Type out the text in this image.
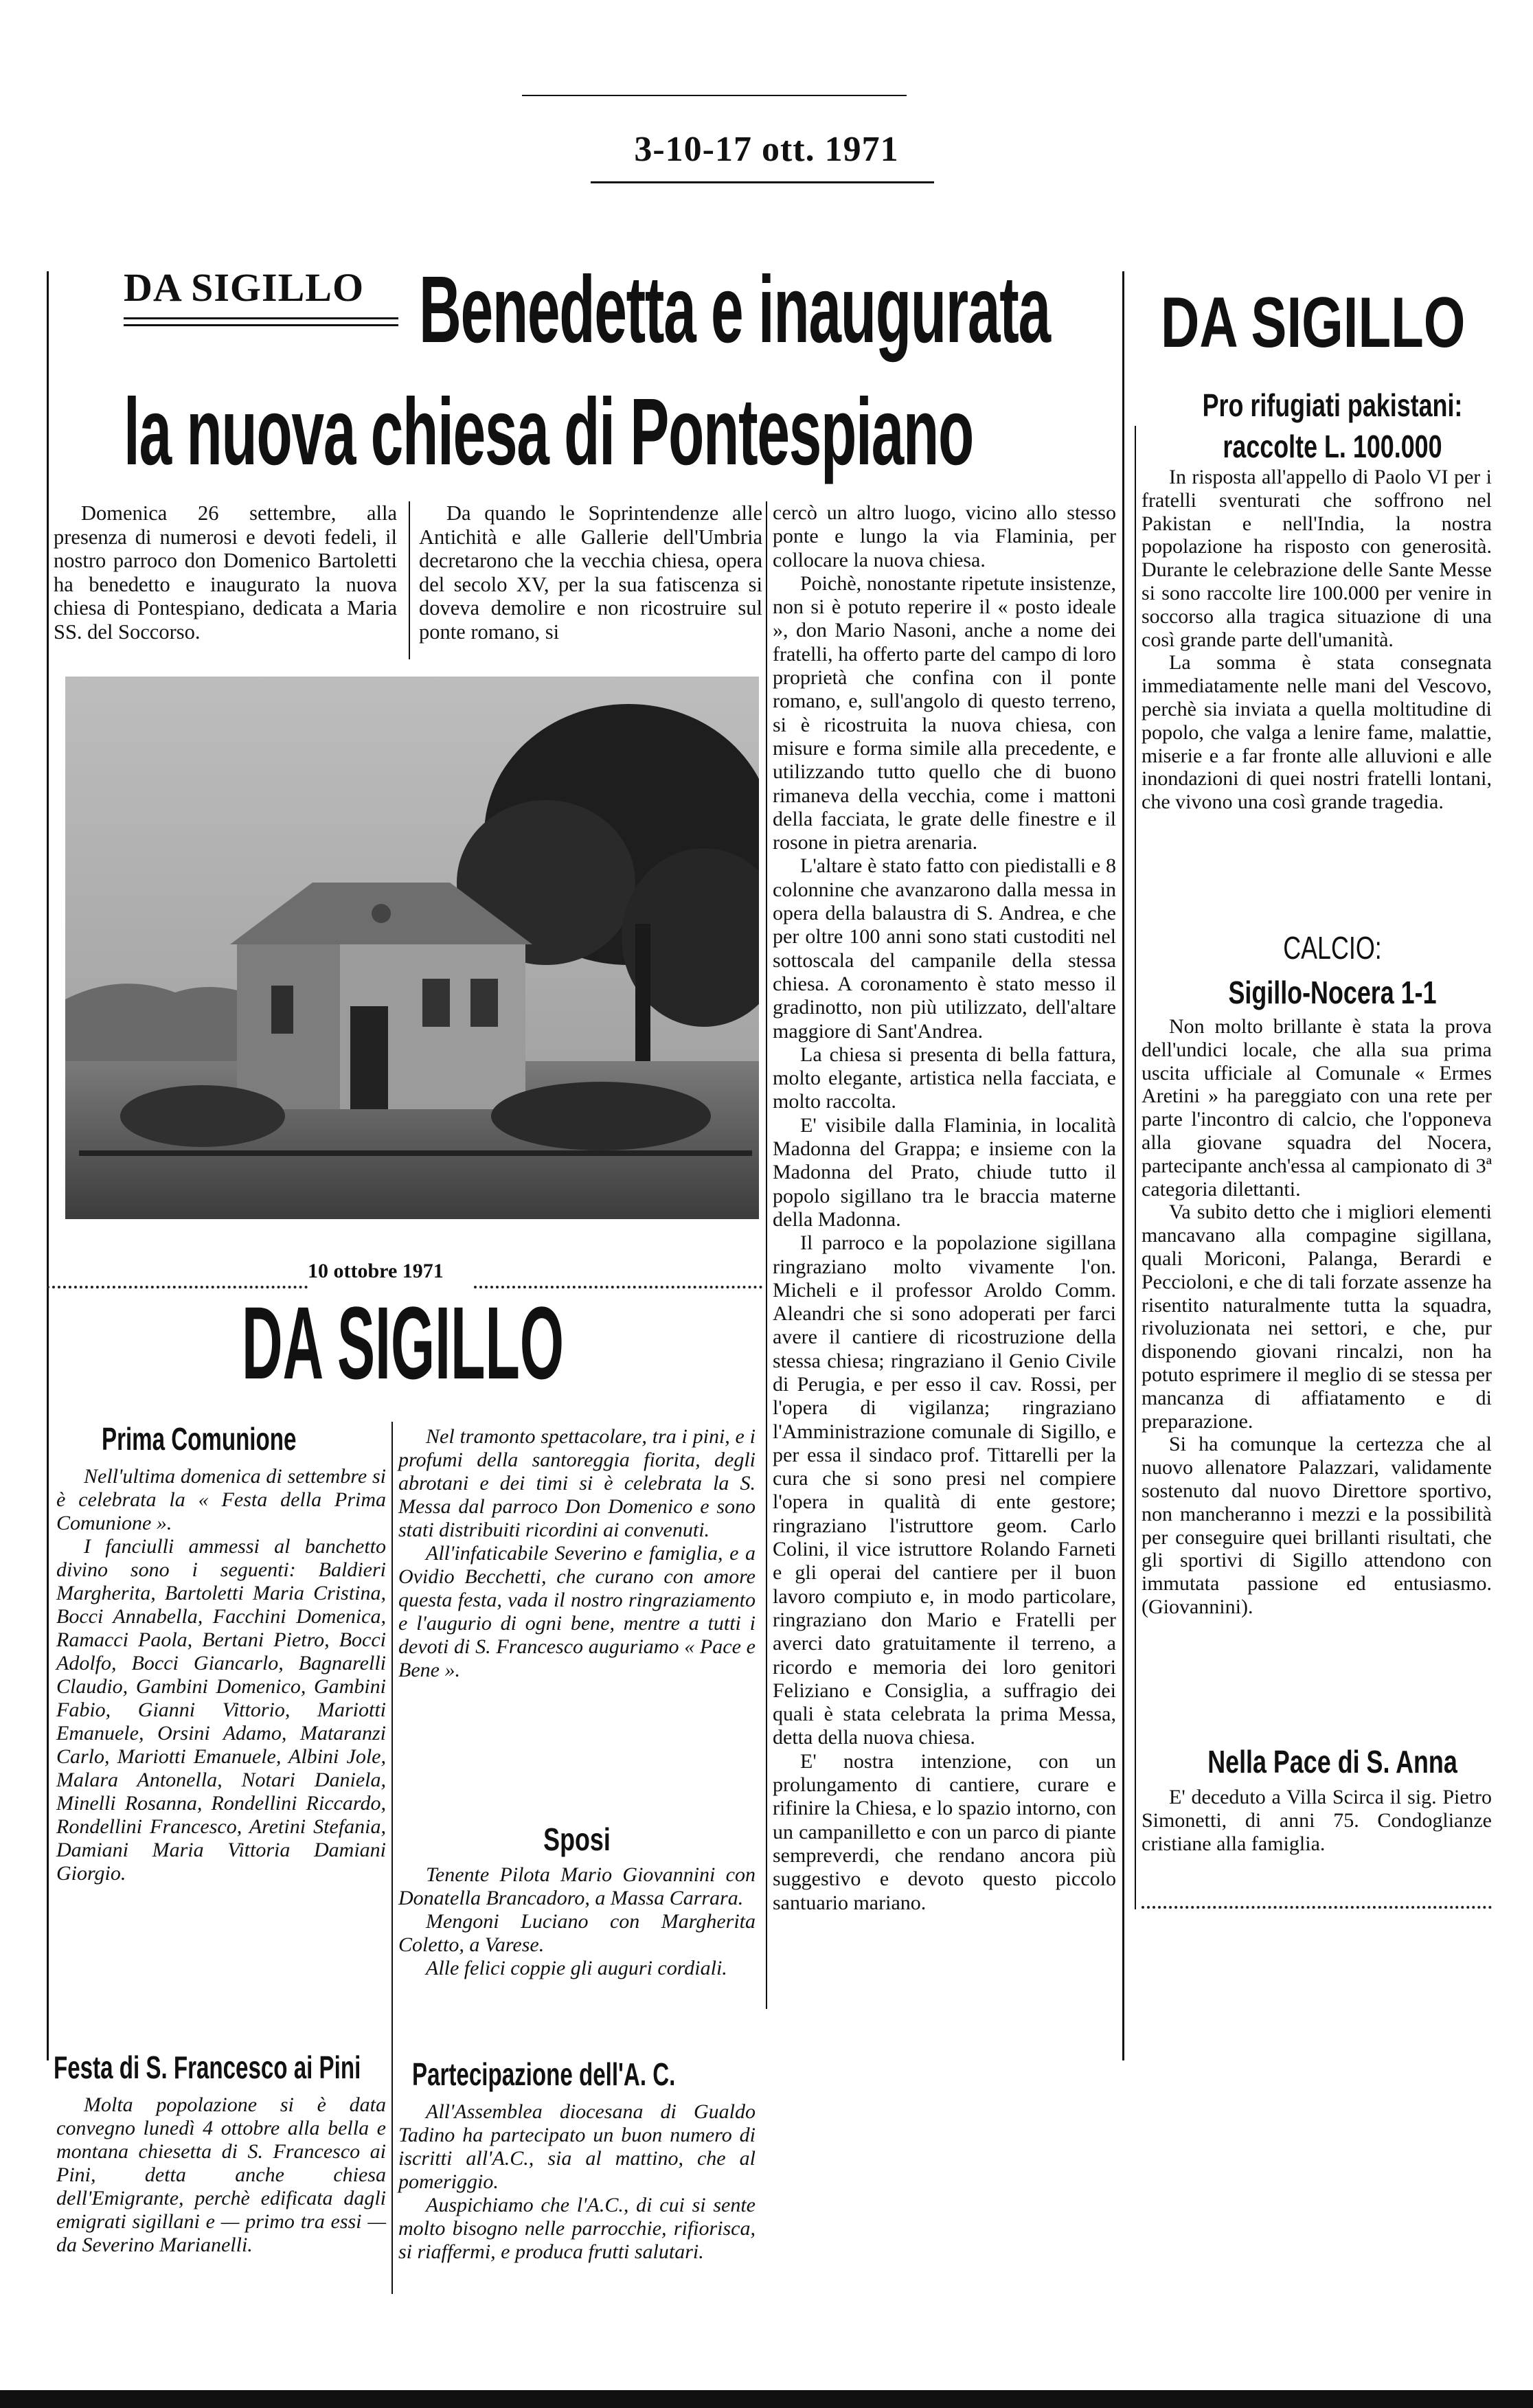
3-10-17 ott. 1971
DA SIGILLO Benedetta e inaugurata
la nuova chiesa di Pontespiano

Domenica 26 settembre, alla presenza di numerosi e devoti fedeli, il nostro parroco don Domenico Bartoletti ha benedetto e inaugurato la nuova chiesa di Pontespiano, dedicata a Maria SS. del Soccorso.

Da quando le Soprintendenze alle Antichità e alle Gallerie dell'Umbria decretarono che la vecchia chiesa, opera del secolo XV, per la sua fatiscenza si doveva demolire e non ricostruire sul ponte romano, si

cercò un altro luogo, vicino allo stesso ponte e lungo la via Flaminia, per collocare la nuova chiesa.

Poichè, nonostante ripetute insistenze, non si è potuto reperire il « posto ideale », don Mario Nasoni, anche a nome dei fratelli, ha offerto parte del campo di loro proprietà che confina con il ponte romano, e, sull'angolo di questo terreno, si è ricostruita la nuova chiesa, con misure e forma simile alla precedente, e utilizzando tutto quello che di buono rimaneva della vecchia, come i mattoni della facciata, le grate delle finestre e il rosone in pietra arenaria.

L'altare è stato fatto con piedistalli e 8 colonnine che avanzarono dalla messa in opera della balaustra di S. Andrea, e che per oltre 100 anni sono stati custoditi nel sottoscala del campanile della stessa chiesa. A coronamento è stato messo il gradinotto, non più utilizzato, dell'altare maggiore di Sant'Andrea.

La chiesa si presenta di bella fattura, molto elegante, artistica nella facciata, e molto raccolta.

E' visibile dalla Flaminia, in località Madonna del Grappa; e insieme con la Madonna del Prato, chiude tutto il popolo sigillano tra le braccia materne della Madonna.

Il parroco e la popolazione sigillana ringraziano molto vivamente l'on. Micheli e il professor Aroldo Comm. Aleandri che si sono adoperati per farci avere il cantiere di ricostruzione della stessa chiesa; ringraziano il Genio Civile di Perugia, e per esso il cav. Rossi, per l'opera di vigilanza; ringraziano l'Amministrazione comunale di Sigillo, e per essa il sindaco prof. Tittarelli per la cura che si sono presi nel compiere l'opera in qualità di ente gestore; ringraziano l'istruttore geom. Carlo Colini, il vice istruttore Rolando Farneti e gli operai del cantiere per il buon lavoro compiuto e, in modo particolare, ringraziano don Mario e Fratelli per averci dato gratuitamente il terreno, a ricordo e memoria dei loro genitori Feliziano e Consiglia, a suffragio dei quali è stata celebrata la prima Messa, detta della nuova chiesa.

E' nostra intenzione, con un prolungamento di cantiere, curare e rifinire la Chiesa, e lo spazio intorno, con un campanilletto e con un parco di piante sempreverdi, che rendano ancora più suggestivo e devoto questo piccolo santuario mariano.

10 ottobre 1971
DA SIGILLO
Prima Comunione

Nell'ultima domenica di settembre si è celebrata la « Festa della Prima Comunione ».

I fanciulli ammessi al banchetto divino sono i seguenti: Baldieri Margherita, Bartoletti Maria Cristina, Bocci Annabella, Facchini Domenica, Ramacci Paola, Bertani Pietro, Bocci Adolfo, Bocci Giancarlo, Bagnarelli Claudio, Gambini Domenico, Gambini Fabio, Gianni Vittorio, Mariotti Emanuele, Orsini Adamo, Mataranzi Carlo, Mariotti Emanuele, Albini Jole, Malara Antonella, Notari Daniela, Minelli Rosanna, Rondellini Riccardo, Rondellini Francesco, Aretini Stefania, Damiani Maria Vittoria Damiani Giorgio.

Festa di S. Francesco ai Pini

Molta popolazione si è data convegno lunedì 4 ottobre alla bella e montana chiesetta di S. Francesco ai Pini, detta anche chiesa dell'Emigrante, perchè edificata dagli emigrati sigillani e — primo tra essi — da Severino Marianelli.

Nel tramonto spettacolare, tra i pini, e i profumi della santoreggia fiorita, degli abrotani e dei timi si è celebrata la S. Messa dal parroco Don Domenico e sono stati distribuiti ricordini ai convenuti.

All'infaticabile Severino e famiglia, e a Ovidio Becchetti, che curano con amore questa festa, vada il nostro ringraziamento e l'augurio di ogni bene, mentre a tutti i devoti di S. Francesco auguriamo « Pace e Bene ».

Sposi

Tenente Pilota Mario Giovannini con Donatella Brancadoro, a Massa Carrara.

Mengoni Luciano con Margherita Coletto, a Varese.

Alle felici coppie gli auguri cordiali.

Partecipazione dell'A. C.

All'Assemblea diocesana di Gualdo Tadino ha partecipato un buon numero di iscritti all'A.C., sia al mattino, che al pomeriggio.

Auspichiamo che l'A.C., di cui si sente molto bisogno nelle parrocchie, rifiorisca, si riaffermi, e produca frutti salutari.

DA SIGILLO
Pro rifugiati pakistani:
raccolte L. 100.000

In risposta all'appello di Paolo VI per i fratelli sventurati che soffrono nel Pakistan e nell'India, la nostra popolazione ha risposto con generosità. Durante le celebrazione delle Sante Messe si sono raccolte lire 100.000 per venire in soccorso alla tragica situazione di una così grande parte dell'umanità.

La somma è stata consegnata immediatamente nelle mani del Vescovo, perchè sia inviata a quella moltitudine di popolo, che valga a lenire fame, malattie, miserie e a far fronte alle alluvioni e alle inondazioni di quei nostri fratelli lontani, che vivono una così grande tragedia.

CALCIO:
Sigillo-Nocera 1-1

Non molto brillante è stata la prova dell'undici locale, che alla sua prima uscita ufficiale al Comunale « Ermes Aretini » ha pareggiato con una rete per parte l'incontro di calcio, che l'opponeva alla giovane squadra del Nocera, partecipante anch'essa al campionato di 3ª categoria dilettanti.

Va subito detto che i migliori elementi mancavano alla compagine sigillana, quali Moriconi, Palanga, Berardi e Peccioloni, e che di tali forzate assenze ha risentito naturalmente tutta la squadra, rivoluzionata nei settori, e che, pur disponendo giovani rincalzi, non ha potuto esprimere il meglio di se stessa per mancanza di affiatamento e di preparazione.

Si ha comunque la certezza che al nuovo allenatore Palazzari, validamente sostenuto dal nuovo Direttore sportivo, non mancheranno i mezzi e la possibilità per conseguire quei brillanti risultati, che gli sportivi di Sigillo attendono con immutata passione ed entusiasmo. (Giovannini).

Nella Pace di S. Anna

E' deceduto a Villa Scirca il sig. Pietro Simonetti, di anni 75. Condoglianze cristiane alla famiglia.
